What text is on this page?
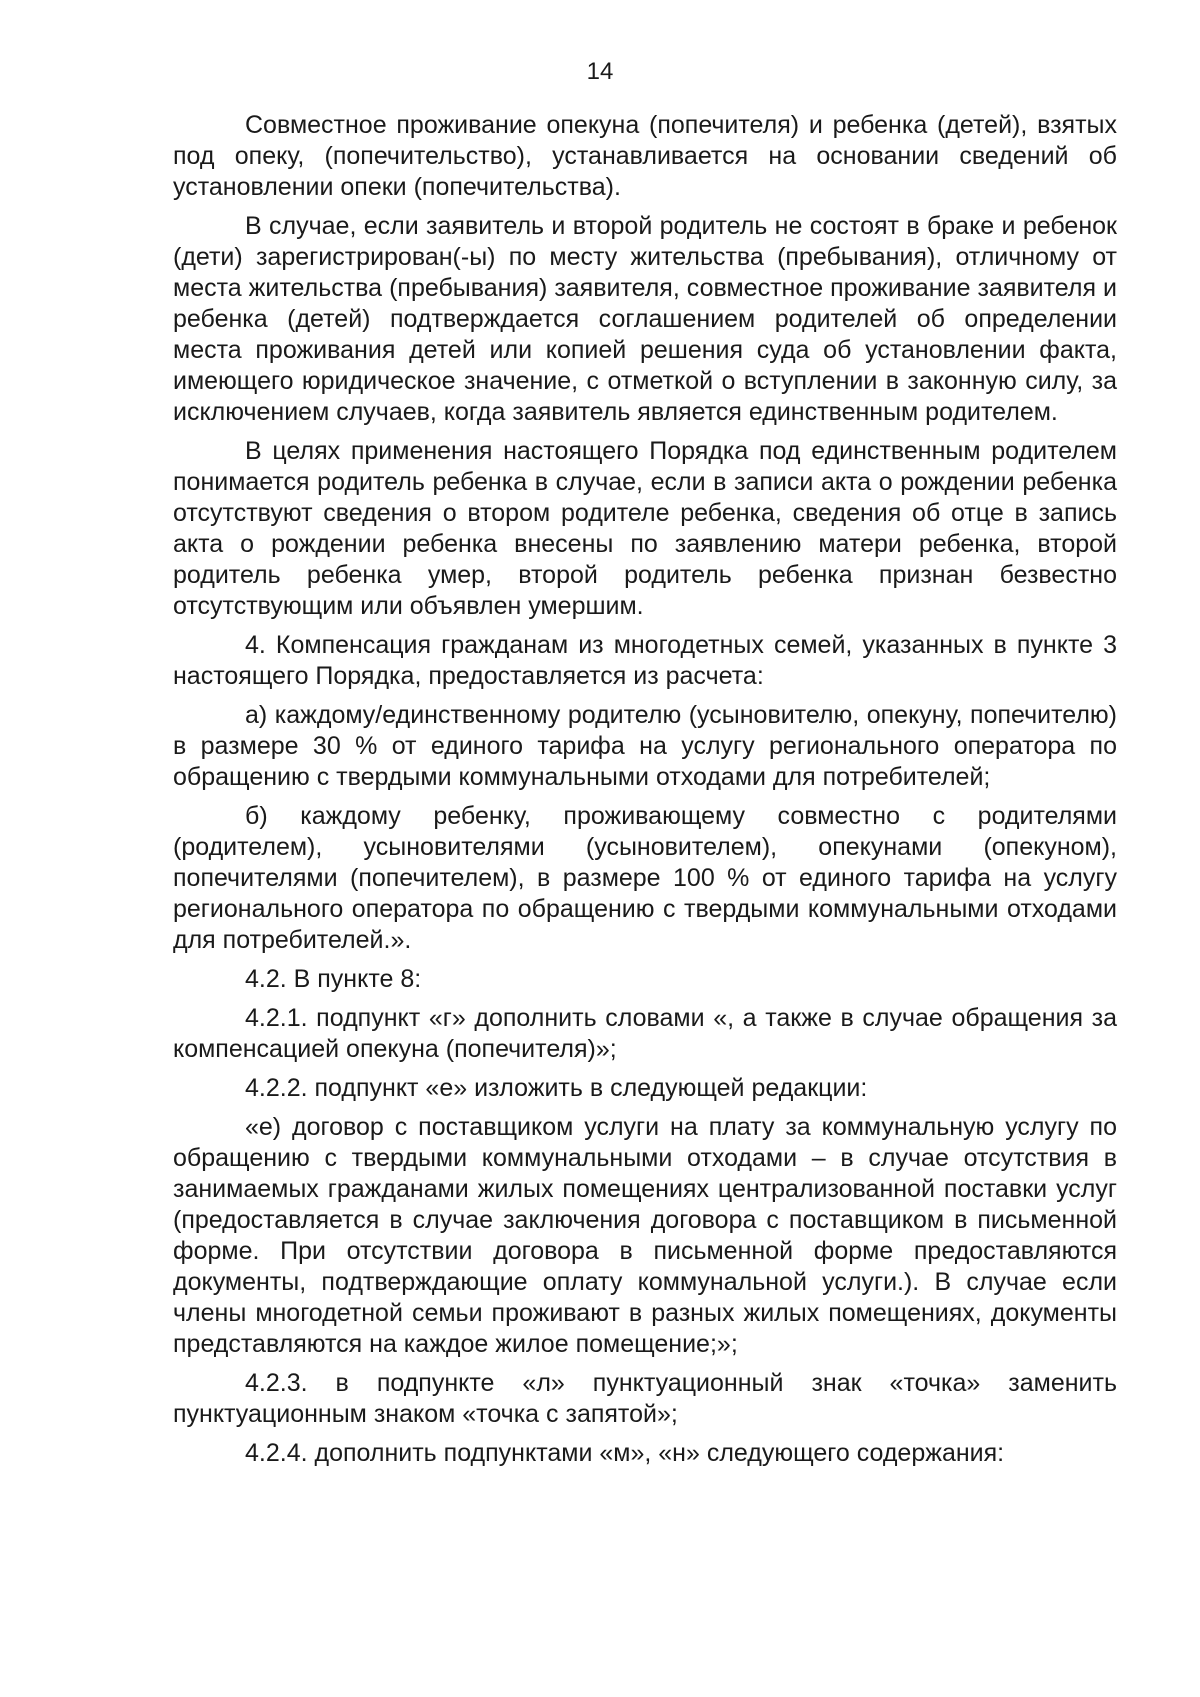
14

Совместное проживание опекуна (попечителя) и ребенка (детей), взятых под опеку, (попечительство), устанавливается на основании сведений об установлении опеки (попечительства).

В случае, если заявитель и второй родитель не состоят в браке и ребенок (дети) зарегистрирован(-ы) по месту жительства (пребывания), отличному от места жительства (пребывания) заявителя, совместное проживание заявителя и ребенка (детей) подтверждается соглашением родителей об определении места проживания детей или копией решения суда об установлении факта, имеющего юридическое значение, с отметкой о вступлении в законную силу, за исключением случаев, когда заявитель является единственным родителем.

В целях применения настоящего Порядка под единственным родителем понимается родитель ребенка в случае, если в записи акта о рождении ребенка отсутствуют сведения о втором родителе ребенка, сведения об отце в запись акта о рождении ребенка внесены по заявлению матери ребенка, второй родитель ребенка умер, второй родитель ребенка признан безвестно отсутствующим или объявлен умершим.

4. Компенсация гражданам из многодетных семей, указанных в пункте 3 настоящего Порядка, предоставляется из расчета:

а) каждому/единственному родителю (усыновителю, опекуну, попечителю) в размере 30 % от единого тарифа на услугу регионального оператора по обращению с твердыми коммунальными отходами для потребителей;

б) каждому ребенку, проживающему совместно с родителями (родителем), усыновителями (усыновителем), опекунами (опекуном), попечителями (попечителем), в размере 100 % от единого тарифа на услугу регионального оператора по обращению с твердыми коммунальными отходами для потребителей.».

4.2. В пункте 8:

4.2.1. подпункт «г» дополнить словами «, а также в случае обращения за компенсацией опекуна (попечителя)»;

4.2.2. подпункт «е» изложить в следующей редакции:

«е) договор с поставщиком услуги на плату за коммунальную услугу по обращению с твердыми коммунальными отходами – в случае отсутствия в занимаемых гражданами жилых помещениях централизованной поставки услуг (предоставляется в случае заключения договора с поставщиком в письменной форме. При отсутствии договора в письменной форме предоставляются документы, подтверждающие оплату коммунальной услуги.). В случае если члены многодетной семьи проживают в разных жилых помещениях, документы представляются на каждое жилое помещение;»;

4.2.3. в подпункте «л» пунктуационный знак «точка» заменить пунктуационным знаком «точка с запятой»;

4.2.4. дополнить подпунктами «м», «н» следующего содержания:
